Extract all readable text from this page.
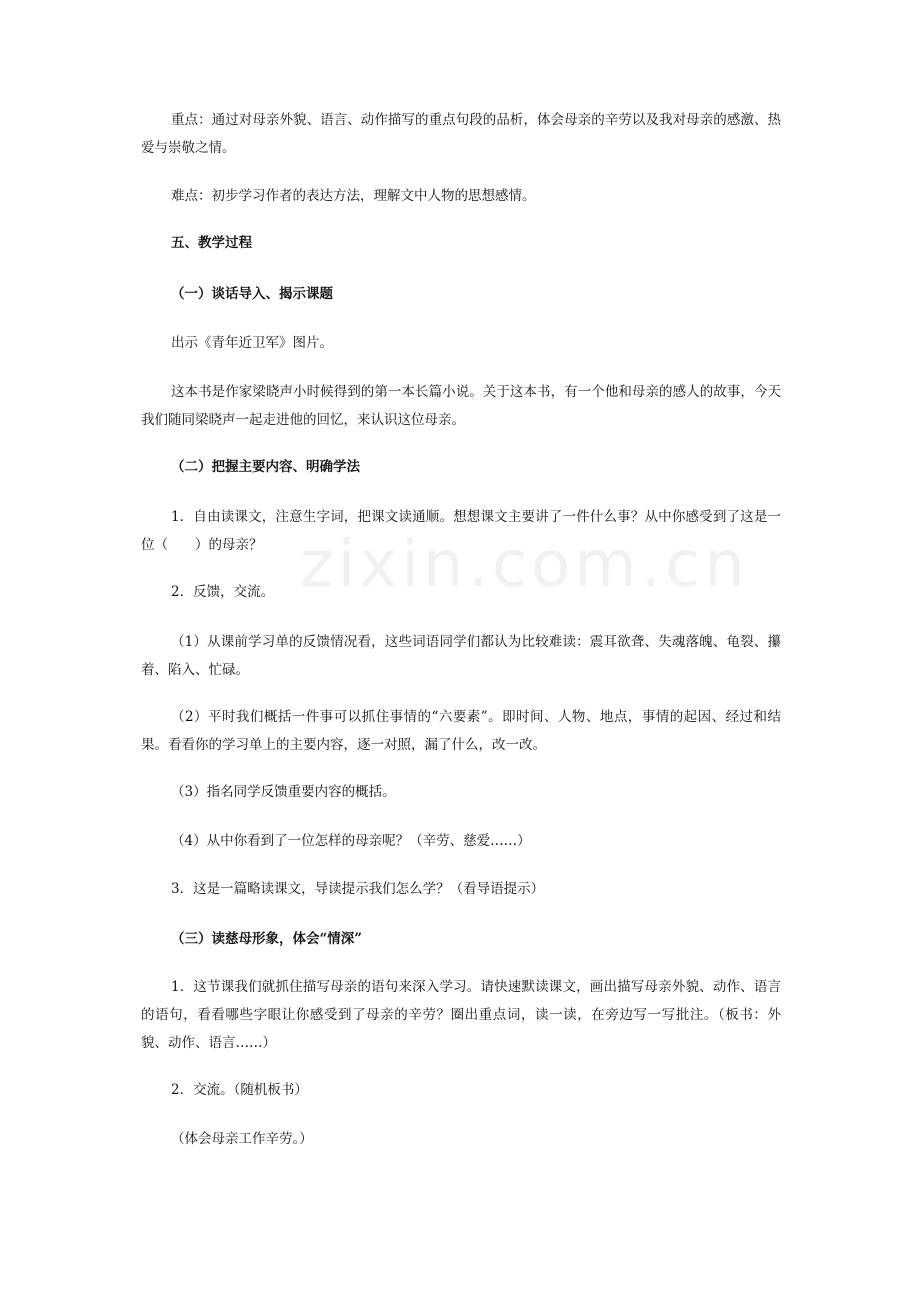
重点：通过对母亲外貌、语言、动作描写的重点句段的品析，体会母亲的辛劳以及我对母亲的感激、热爱与崇敬之情。

难点：初步学习作者的表达方法，理解文中人物的思想感情。

五、教学过程

（一）谈话导入、揭示课题

出示《青年近卫军》图片。

这本书是作家梁晓声小时候得到的第一本长篇小说。关于这本书，有一个他和母亲的感人的故事，今天我们随同梁晓声一起走进他的回忆，来认识这位母亲。

（二）把握主要内容、明确学法

1．自由读课文，注意生字词，把课文读通顺。想想课文主要讲了一件什么事？从中你感受到了这是一位（　　）的母亲？

2．反馈，交流。

（1）从课前学习单的反馈情况看，这些词语同学们都认为比较难读：震耳欲聋、失魂落魄、龟裂、攥着、陷入、忙碌。

（2）平时我们概括一件事可以抓住事情的“六要素”。即时间、人物、地点，事情的起因、经过和结果。看看你的学习单上的主要内容，逐一对照，漏了什么，改一改。

（3）指名同学反馈重要内容的概括。

（4）从中你看到了一位怎样的母亲呢？（辛劳、慈爱……）

3．这是一篇略读课文，导读提示我们怎么学？（看导语提示）

（三）读慈母形象，体会“情深”

1．这节课我们就抓住描写母亲的语句来深入学习。请快速默读课文，画出描写母亲外貌、动作、语言的语句，看看哪些字眼让你感受到了母亲的辛劳？圈出重点词，读一读，在旁边写一写批注。（板书：外貌、动作、语言……）

2．交流。（随机板书）

（体会母亲工作辛劳。）

zixin.com.cn
